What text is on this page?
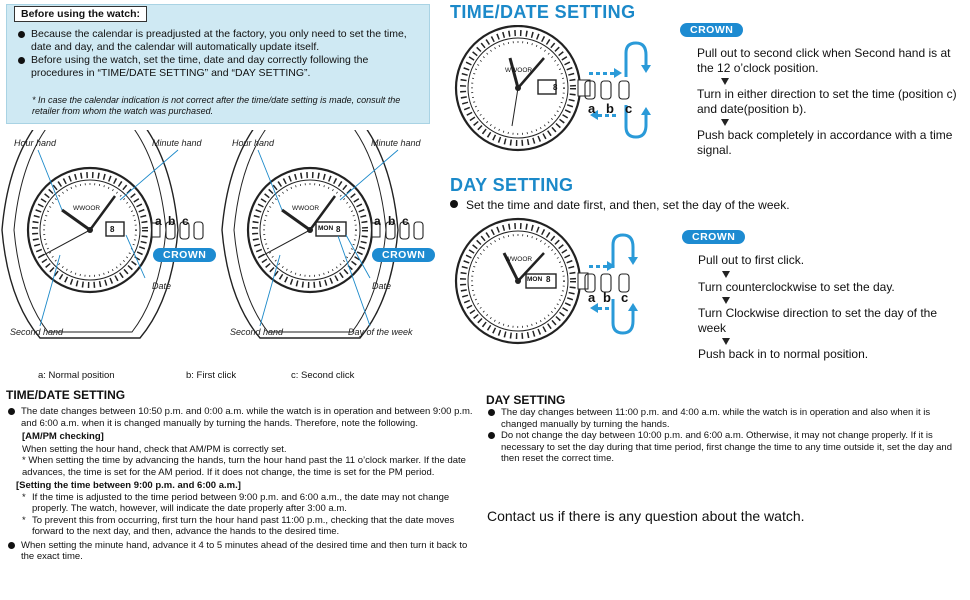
Before using the watch:
Because the calendar is preadjusted at the factory, you only need to set the time, date and day, and the calendar will automatically update itself.
Before using the watch, set the time, date and day correctly following the procedures in “TIME/DATE SETTING” and “DAY SETTING”.
* In case the calendar indication is not correct after the time/date setting is made, consult the retailer from whom the watch was purchased.
WWOOR
8
WWOOR
MON 8
Hour hand	Minute hand
Date
Second hand
Hour hand	Minute hand
Date
Second hand	Day of the week
a b c	a b c
CROWN	CROWN
a: Normal position	b: First click	c: Second click
TIME/DATE SETTING
WWOOR
8
a b c
CROWN
Pull out to second click when Second hand is at the 12 o’clock position.
Turn in either direction to set the time (position c) and date(position b).
Push back completely in accordance with a time signal.
DAY SETTING
Set the time and date first, and then, set the day of the week.
WWOOR
MON 8
a b c
CROWN
Pull out to first click.
Turn counterclockwise to set the day.
Turn Clockwise direction to set the day of the week
Push back in to normal position.
TIME/DATE SETTING
The date changes between 10:50 p.m. and 0:00 a.m. while the watch is in operation and between 9:00 p.m. and 6:00 a.m. when it is changed manually by turning the hands. Therefore, note the following.
[AM/PM checking]
When setting the hour hand, check that AM/PM is correctly set.
* When setting the time by advancing the hands, turn the hour hand past the 11 o’clock marker. If the date advances, the time is set for the AM period. If it does not change, the time is set for the PM period.
[Setting the time between 9:00 p.m. and 6:00 a.m.]
* If the time is adjusted to the time period between 9:00 p.m. and 6:00 a.m., the date may not change properly. The watch, however, will indicate the date properly after 3:00 a.m.
* To prevent this from occurring, first turn the hour hand past 11:00 p.m., checking that the date moves forward to the next day, and then, advance the hands to the desired time.
When setting the minute hand, advance it 4 to 5 minutes ahead of the desired time and then turn it back to the exact time.
DAY SETTING
The day changes between 11:00 p.m. and 4:00 a.m. while the watch is in operation and also when it is changed manually by turning the hands.
Do not change the day between 10:00 p.m. and 6:00 a.m. Otherwise, it may not change properly. If it is necessary to set the day during that time period, first change the time to any time outside it, set the day and then reset the correct time.
Contact us if there is any question about the watch.
